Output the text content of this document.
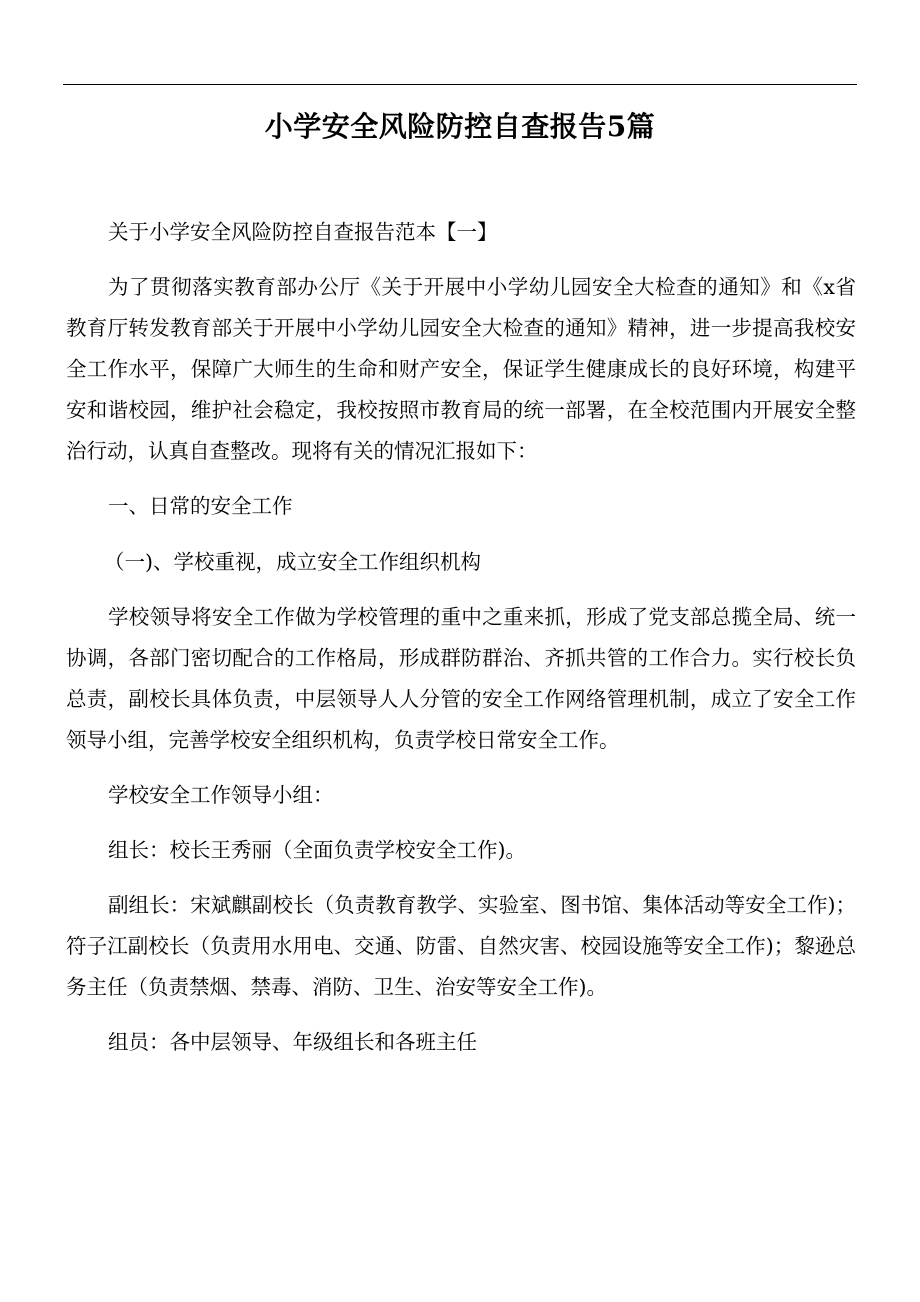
小学安全风险防控自查报告5篇

关于小学安全风险防控自查报告范本【一】

为了贯彻落实教育部办公厅《关于开展中小学幼儿园安全大检查的通知》和《x省教育厅转发教育部关于开展中小学幼儿园安全大检查的通知》精神，进一步提高我校安全工作水平，保障广大师生的生命和财产安全，保证学生健康成长的良好环境，构建平安和谐校园，维护社会稳定，我校按照市教育局的统一部署，在全校范围内开展安全整治行动，认真自查整改。现将有关的情况汇报如下：

一、日常的安全工作

（一)、学校重视，成立安全工作组织机构

学校领导将安全工作做为学校管理的重中之重来抓，形成了党支部总揽全局、统一协调，各部门密切配合的工作格局，形成群防群治、齐抓共管的工作合力。实行校长负总责，副校长具体负责，中层领导人人分管的安全工作网络管理机制，成立了安全工作领导小组，完善学校安全组织机构，负责学校日常安全工作。

学校安全工作领导小组：

组长：校长王秀丽（全面负责学校安全工作)。

副组长：宋斌麒副校长（负责教育教学、实验室、图书馆、集体活动等安全工作)；符子江副校长（负责用水用电、交通、防雷、自然灾害、校园设施等安全工作)；黎逊总务主任（负责禁烟、禁毒、消防、卫生、治安等安全工作)。

组员：各中层领导、年级组长和各班主任
